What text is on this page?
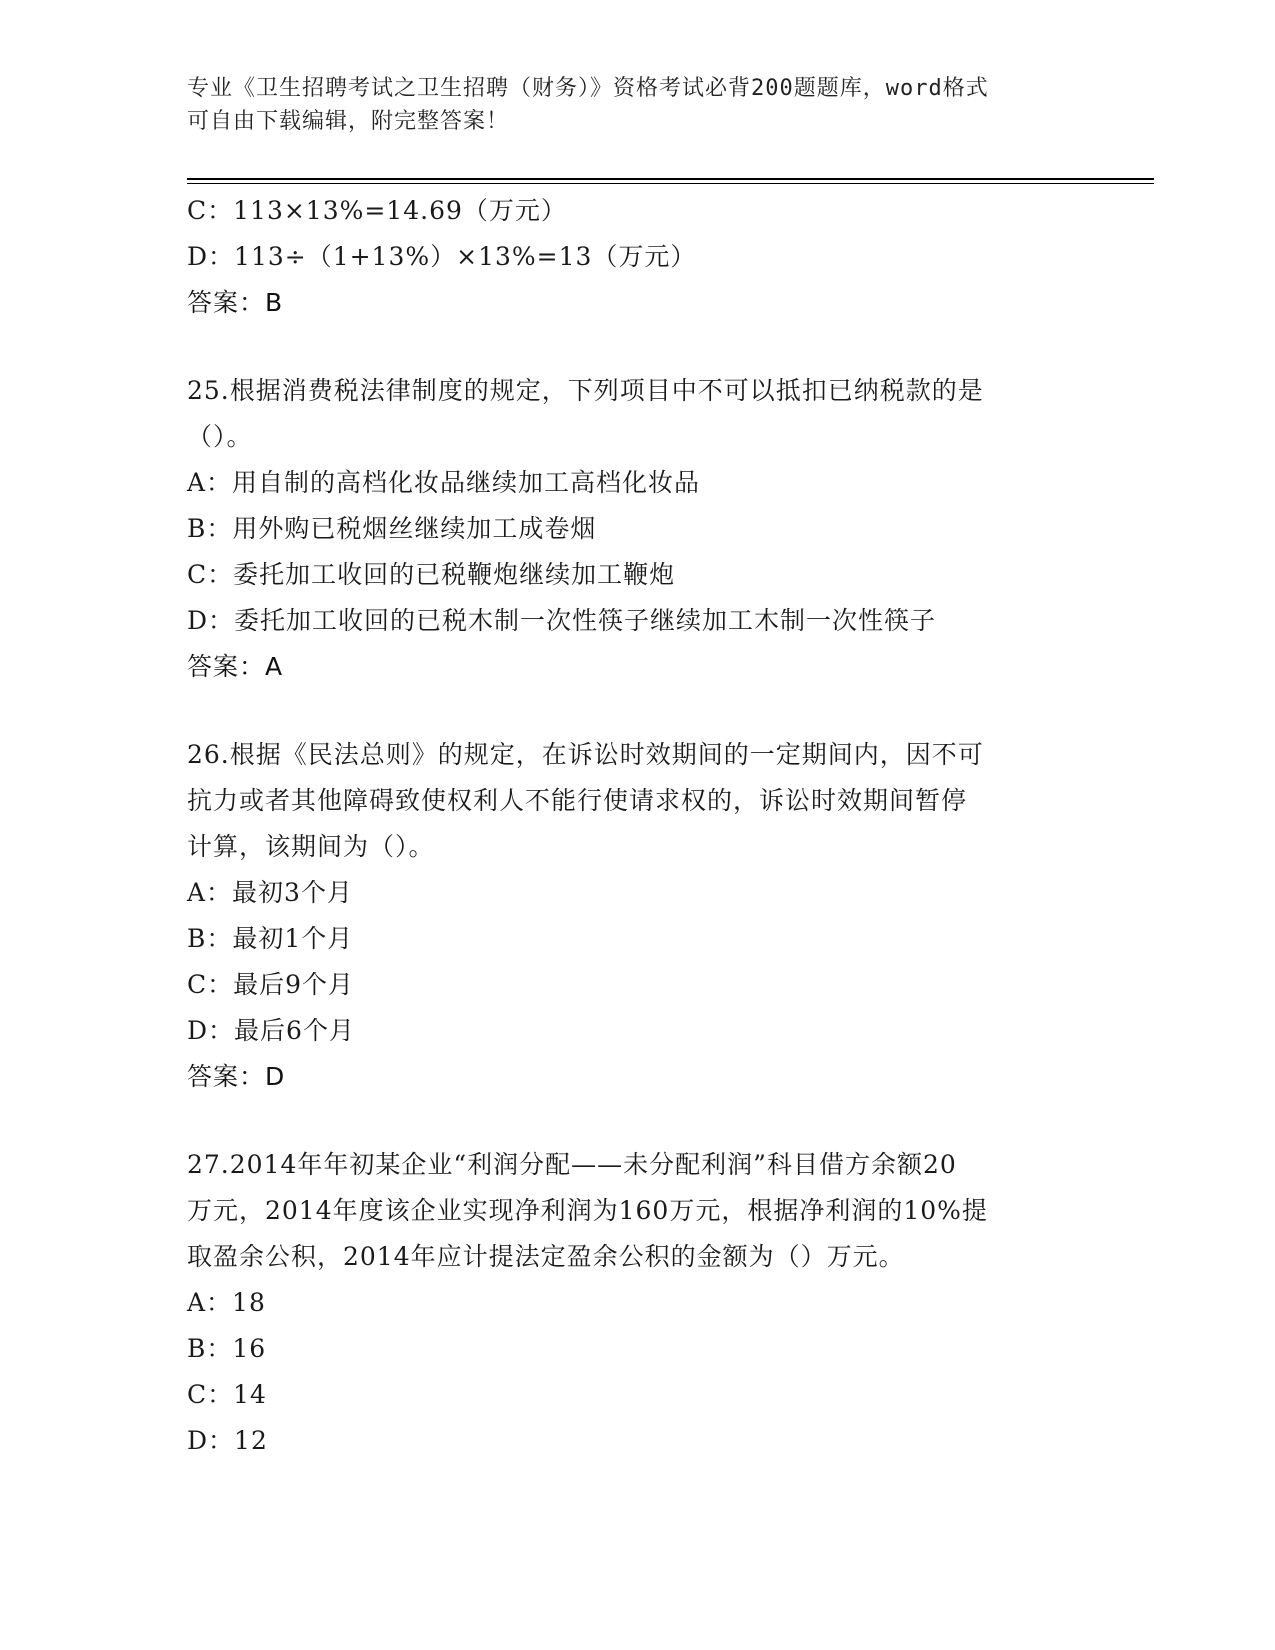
专业《卫生招聘考试之卫生招聘（财务）》资格考试必背200题题库，word格式
可自由下载编辑，附完整答案！
C：113×13%=14.69（万元）
D：113÷（1+13%）×13%=13（万元）
答案：B
25.根据消费税法律制度的规定，下列项目中不可以抵扣已纳税款的是
（）。
A：用自制的高档化妆品继续加工高档化妆品
B：用外购已税烟丝继续加工成卷烟
C：委托加工收回的已税鞭炮继续加工鞭炮
D：委托加工收回的已税木制一次性筷子继续加工木制一次性筷子
答案：A
26.根据《民法总则》的规定，在诉讼时效期间的一定期间内，因不可
抗力或者其他障碍致使权利人不能行使请求权的，诉讼时效期间暂停
计算，该期间为（）。
A：最初3个月
B：最初1个月
C：最后9个月
D：最后6个月
答案：D
27.2014年年初某企业“利润分配——未分配利润”科目借方余额20
万元，2014年度该企业实现净利润为160万元，根据净利润的10%提
取盈余公积，2014年应计提法定盈余公积的金额为（）万元。
A：18
B：16
C：14
D：12
